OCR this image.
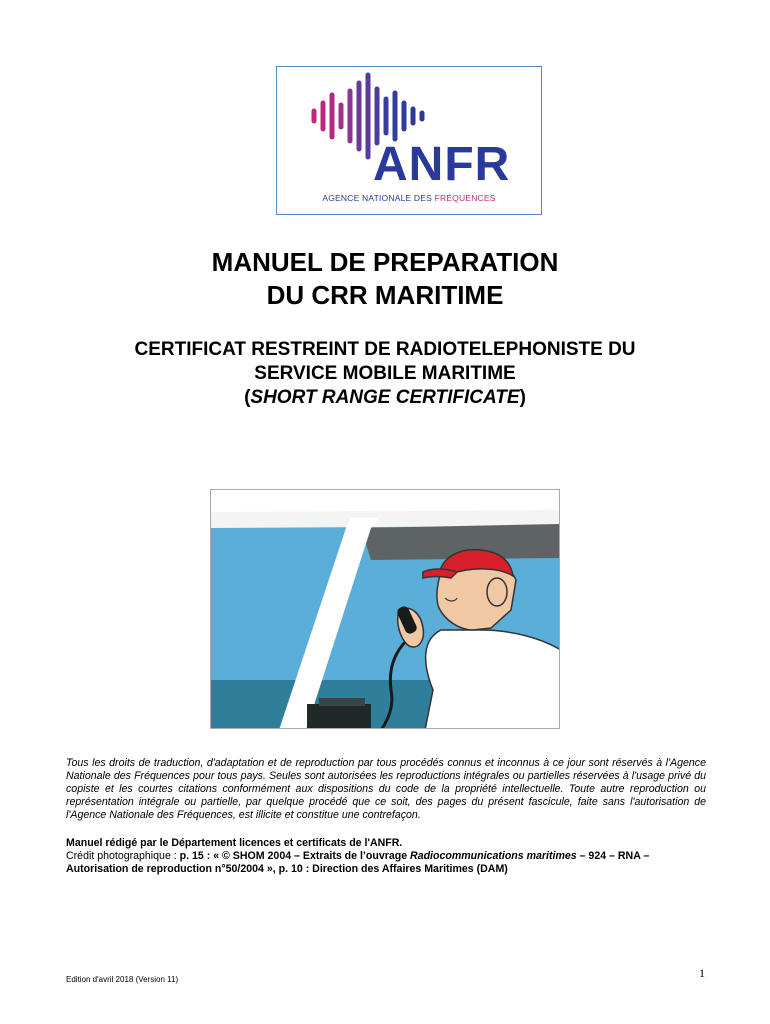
ANFR
AGENCE NATIONALE DES FRÉQUENCES
MANUEL DE PREPARATION
DU CRR MARITIME
CERTIFICAT RESTREINT DE RADIOTELEPHONISTE DU
SERVICE MOBILE MARITIME
(SHORT RANGE CERTIFICATE)
Tous les droits de traduction, d'adaptation et de reproduction par tous procédés connus et inconnus à ce jour sont réservés à l'Agence Nationale des Fréquences pour tous pays. Seules sont autorisées les reproductions intégrales ou partielles réservées à l'usage privé du copiste et les courtes citations conformément aux dispositions du code de la propriété intellectuelle. Toute autre reproduction ou représentation intégrale ou partielle, par quelque procédé que ce soit, des pages du présent fascicule, faite sans l'autorisation de l'Agence Nationale des Fréquences, est illicite et constitue une contrefaçon.
Manuel rédigé par le Département licences et certificats de l'ANFR.
Crédit photographique : p. 15 : « © SHOM 2004 – Extraits de l’ouvrage Radiocommunications maritimes – 924 – RNA – Autorisation de reproduction n°50/2004 », p. 10 : Direction des Affaires Maritimes (DAM)
Edition d'avril 2018 (Version 11)	1
